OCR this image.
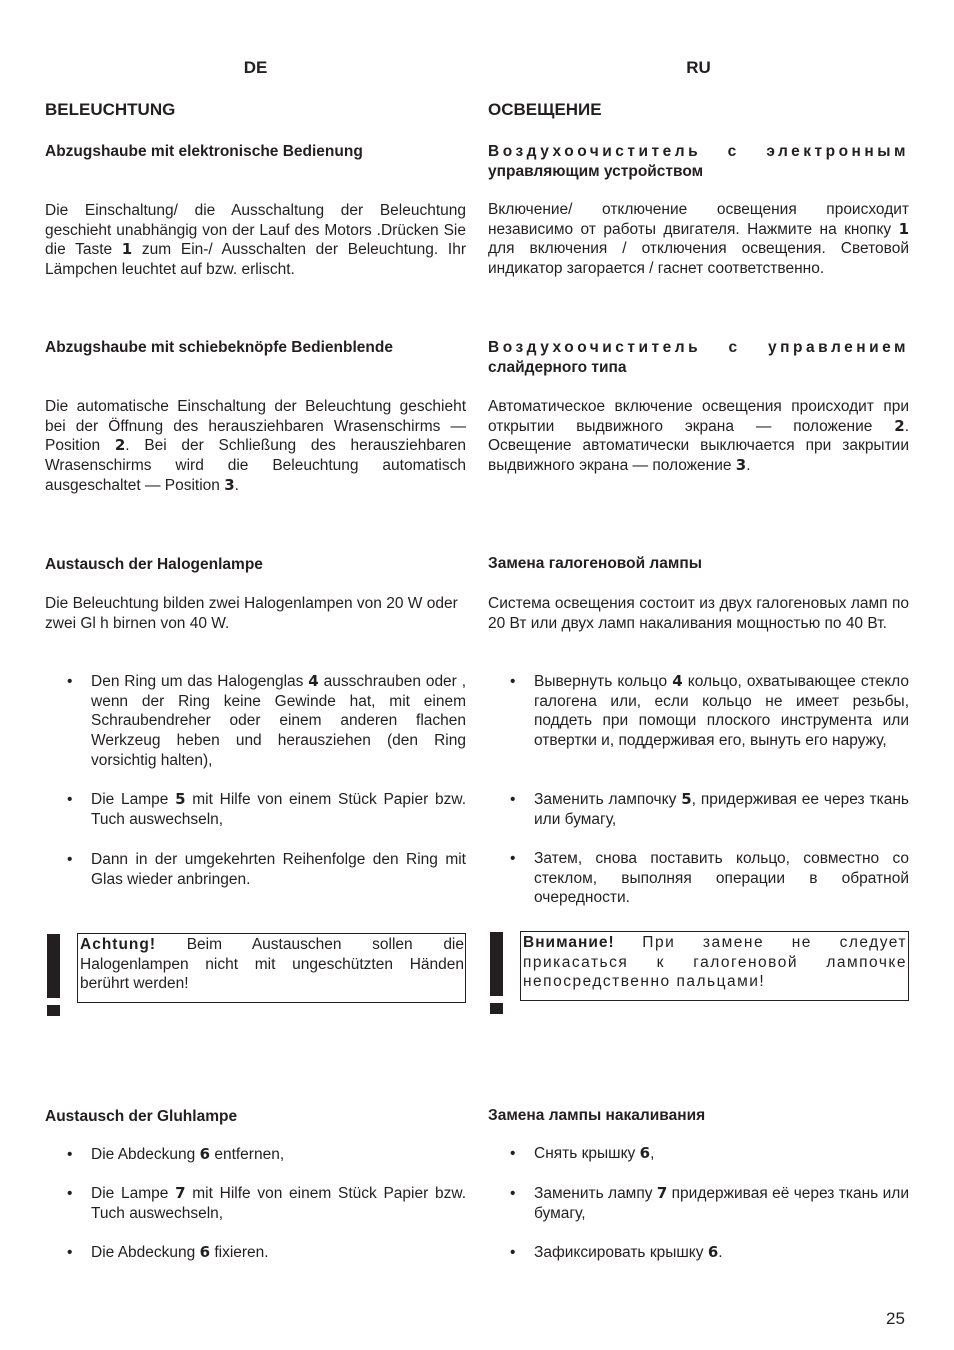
DE
BELEUCHTUNG
Abzugshaube mit elektronische Bedienung
Die Einschaltung/ die Ausschaltung der Beleuchtung geschieht unabhängig von der Lauf des Motors .Drücken Sie die Taste 1 zum Ein-/ Ausschalten der Beleuchtung. Ihr Lämpchen leuchtet auf bzw. erlischt.
Abzugshaube mit schiebeknöpfe Bedienblende
Die automatische Einschaltung der Beleuchtung geschieht bei der Öffnung des herausziehbaren Wrasenschirms — Position 2. Bei der Schließung des herausziehbaren Wrasenschirms wird die Beleuchtung automatisch ausgeschaltet — Position 3.
Austausch der Halogenlampe
Die Beleuchtung bilden zwei Halogenlampen von 20 W oder zwei Gl h birnen von 40 W.
• Den Ring um das Halogenglas 4 ausschrauben oder , wenn der Ring keine Gewinde hat, mit einem Schraubendreher oder einem anderen flachen Werkzeug heben und herausziehen (den Ring vorsichtig halten),
• Die Lampe 5 mit Hilfe von einem Stück Papier bzw. Tuch auswechseln,
• Dann in der umgekehrten Reihenfolge den Ring mit Glas wieder anbringen.
Achtung! Beim Austauschen sollen die Halogenlampen nicht mit ungeschützten Händen berührt werden!
Austausch der Gluhlampe
• Die Abdeckung 6 entfernen,
• Die Lampe 7 mit Hilfe von einem Stück Papier bzw. Tuch auswechseln,
• Die Abdeckung 6 fixieren.
RU
ОСВЕЩЕНИЕ
Воздухоочиститель с электронным
управляющим устройством
Включение/ отключение освещения происходит независимо от работы двигателя. Нажмите на кнопку 1 для включения / отключения освещения. Световой индикатор загорается / гаснет соответственно.
Воздухоочиститель с управлением
слайдерного типа
Автоматическое включение освещения происходит при открытии выдвижного экрана — положение 2. Освещение автоматически выключается при закрытии выдвижного экрана — положение 3.
Замена галогеновой лампы
Система освещения состоит из двух галогеновых ламп по 20 Вт или двух ламп накаливания мощностью по 40 Вт.
• Вывернуть кольцо 4 кольцо, охватывающее стекло галогена или, если кольцо не имеет резьбы, поддеть при помощи плоского инструмента или отвертки и, поддерживая его, вынуть его наружу,
• Заменить лампочку 5, придерживая ее через ткань или бумагу,
• Затем, снова поставить кольцо, совместно со стеклом, выполняя операции в обратной очередности.
Внимание! При замене не следует прикасаться к галогеновой лампочке непосредственно пальцами!
Замена лампы накаливания
• Снять крышку 6,
• Заменить лампу 7 придерживая её через ткань или бумагу,
• Зафиксировать крышку 6.
25
